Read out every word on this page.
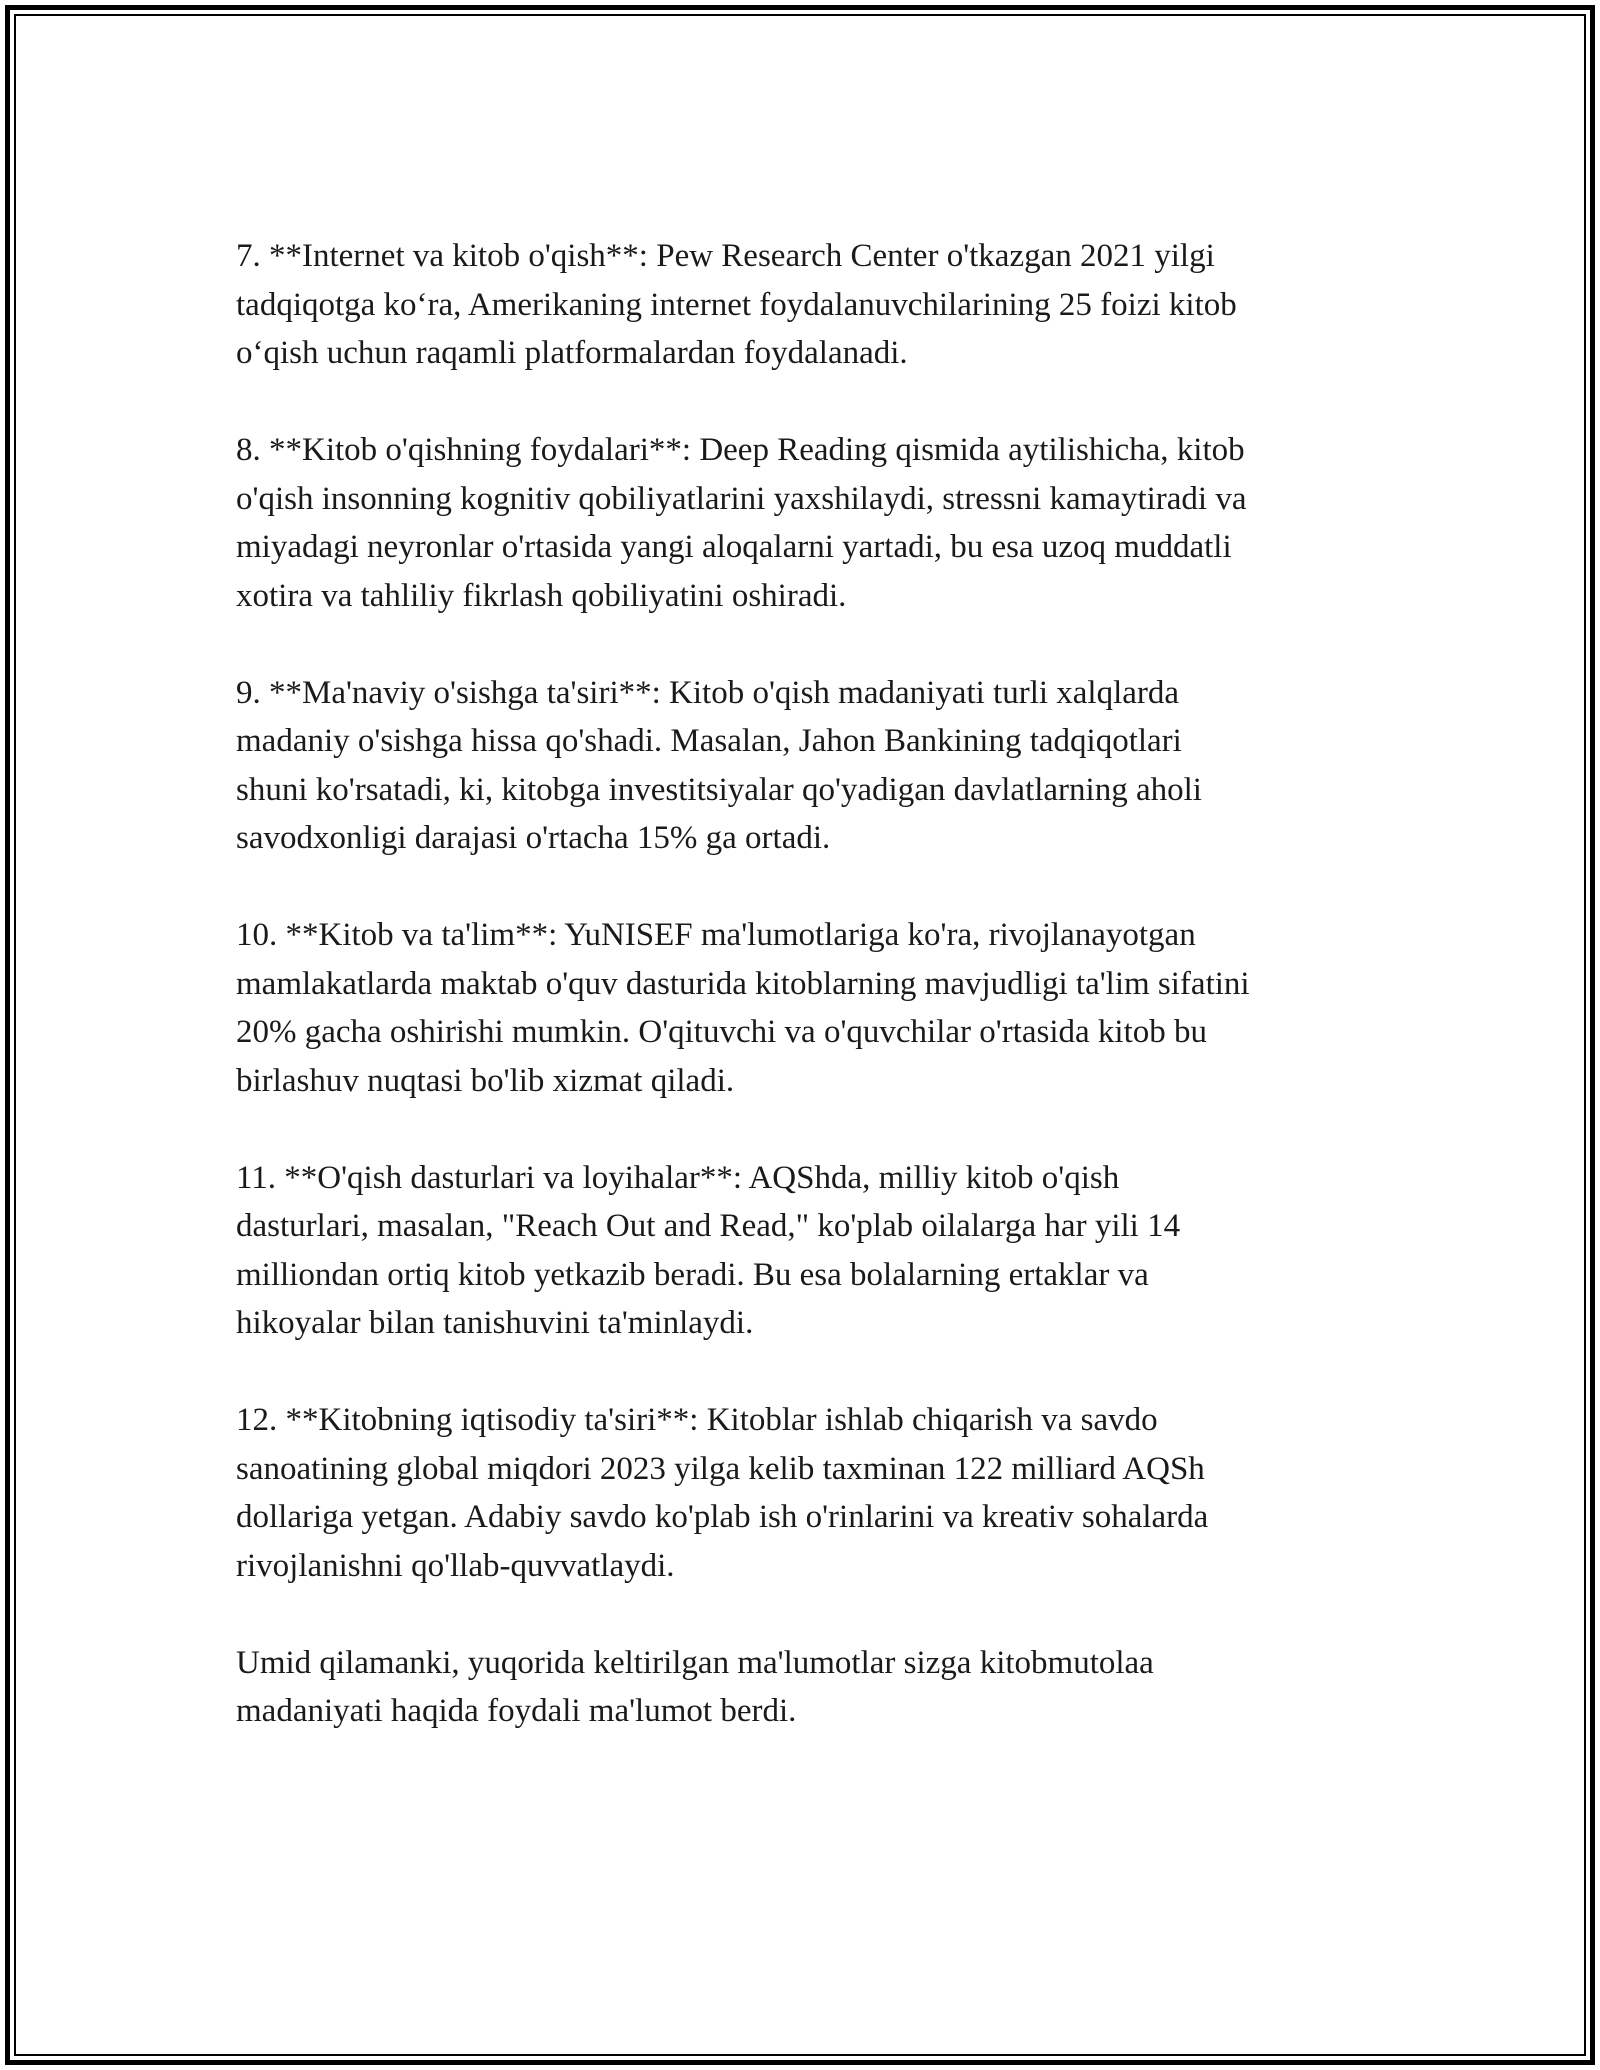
7. **Internet va kitob o'qish**: Pew Research Center o'tkazgan 2021 yilgi
tadqiqotga ko‘ra, Amerikaning internet foydalanuvchilarining 25 foizi kitob
o‘qish uchun raqamli platformalardan foydalanadi.

8. **Kitob o'qishning foydalari**: Deep Reading qismida aytilishicha, kitob
o'qish insonning kognitiv qobiliyatlarini yaxshilaydi, stressni kamaytiradi va
miyadagi neyronlar o'rtasida yangi aloqalarni yartadi, bu esa uzoq muddatli
xotira va tahliliy fikrlash qobiliyatini oshiradi.

9. **Ma'naviy o'sishga ta'siri**: Kitob o'qish madaniyati turli xalqlarda
madaniy o'sishga hissa qo'shadi. Masalan, Jahon Bankining tadqiqotlari
shuni ko'rsatadi, ki, kitobga investitsiyalar qo'yadigan davlatlarning aholi
savodxonligi darajasi o'rtacha 15% ga ortadi.

10. **Kitob va ta'lim**: YuNISEF ma'lumotlariga ko'ra, rivojlanayotgan
mamlakatlarda maktab o'quv dasturida kitoblarning mavjudligi ta'lim sifatini
20% gacha oshirishi mumkin. O'qituvchi va o'quvchilar o'rtasida kitob bu
birlashuv nuqtasi bo'lib xizmat qiladi.

11. **O'qish dasturlari va loyihalar**: AQShda, milliy kitob o'qish
dasturlari, masalan, "Reach Out and Read," ko'plab oilalarga har yili 14
milliondan ortiq kitob yetkazib beradi. Bu esa bolalarning ertaklar va
hikoyalar bilan tanishuvini ta'minlaydi.

12. **Kitobning iqtisodiy ta'siri**: Kitoblar ishlab chiqarish va savdo
sanoatining global miqdori 2023 yilga kelib taxminan 122 milliard AQSh
dollariga yetgan. Adabiy savdo ko'plab ish o'rinlarini va kreativ sohalarda
rivojlanishni qo'llab-quvvatlaydi.

Umid qilamanki, yuqorida keltirilgan ma'lumotlar sizga kitobmutolaa
madaniyati haqida foydali ma'lumot berdi.
